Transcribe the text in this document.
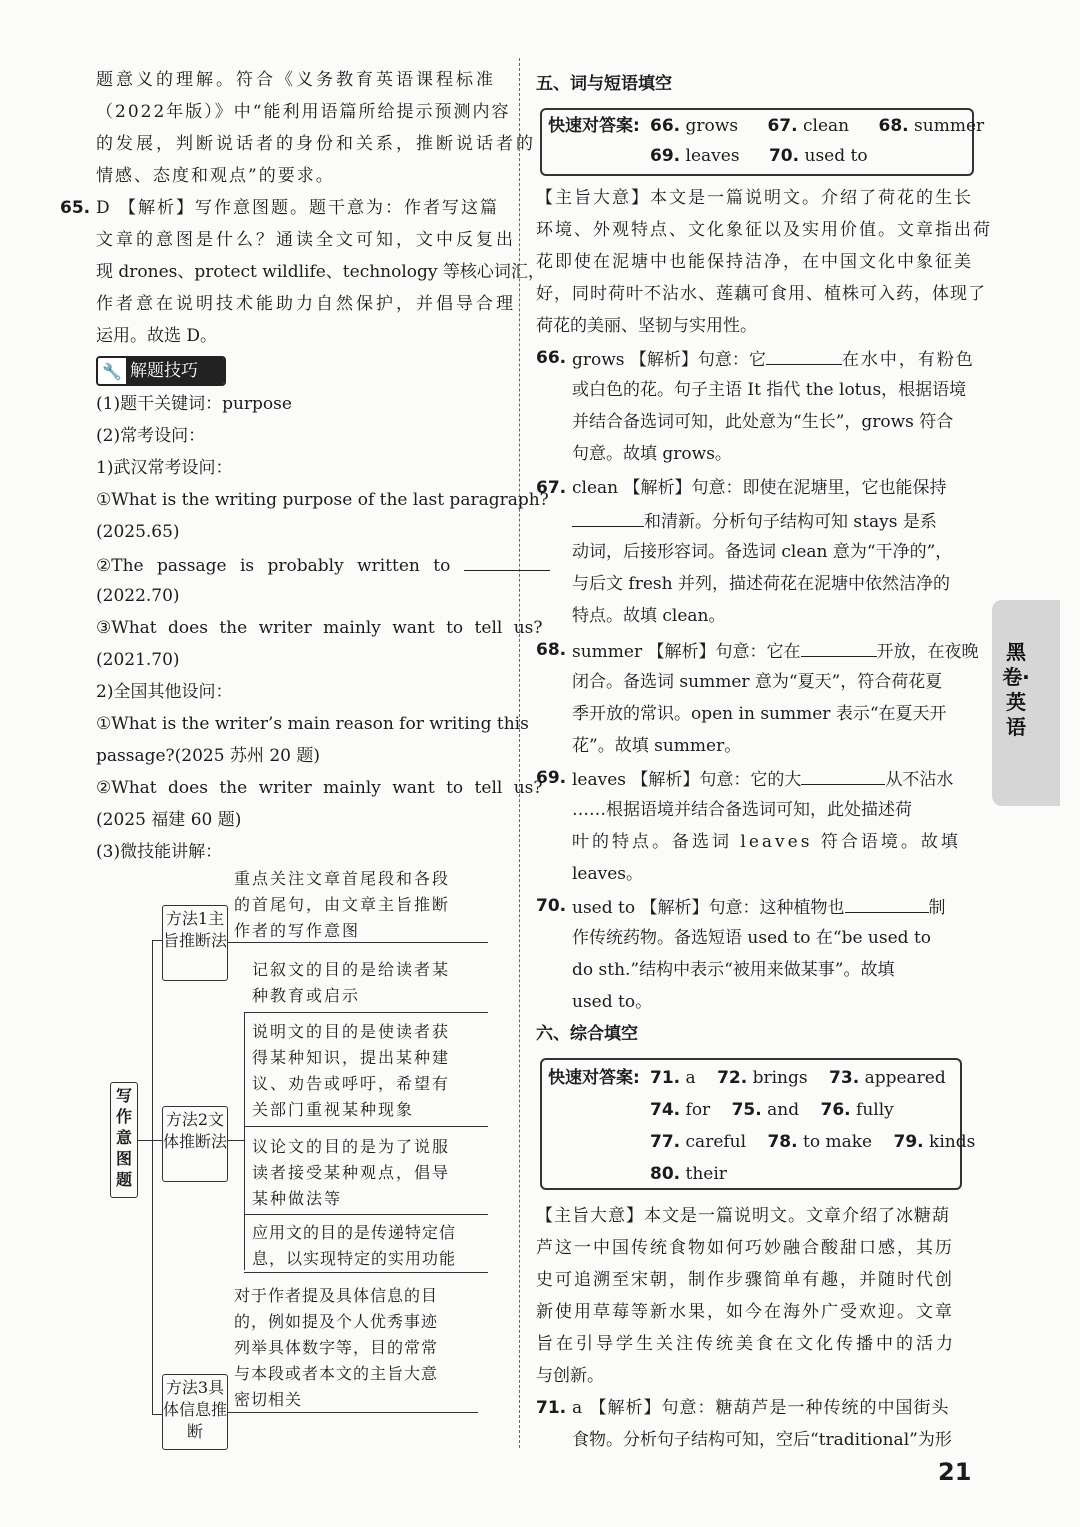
题意义的理解。符合《义务教育英语课程标准
（2022年版）》中“能利用语篇所给提示预测内容
的发展，判断说话者的身份和关系，推断说话者的
情感、态度和观点”的要求。
65. D 【解析】写作意图题。题干意为：作者写这篇
文章的意图是什么？通读全文可知，文中反复出
现 drones、protect wildlife、technology 等核心词汇，
作者意在说明技术能助力自然保护，并倡导合理
运用。故选 D。
🔧 解题技巧
(1)题干关键词：purpose
(2)常考设问：
1)武汉常考设问：
①What is the writing purpose of the last paragraph?
(2025.65)
②The passage is probably written to
(2022.70)
③What does the writer mainly want to tell us?
(2021.70)
2)全国其他设问：
①What is the writer’s main reason for writing this
passage?(2025 苏州 20 题)
②What does the writer mainly want to tell us?
(2025 福建 60 题)
(3)微技能讲解：
写作意图题
方法1主旨推断法
方法2文体推断法
方法3具体信息推断
重点关注文章首尾段和各段
的首尾句，由文章主旨推断
作者的写作意图
记叙文的目的是给读者某
种教育或启示
说明文的目的是使读者获
得某种知识，提出某种建
议、劝告或呼吁，希望有
关部门重视某种现象
议论文的目的是为了说服
读者接受某种观点，倡导
某种做法等
应用文的目的是传递特定信
息，以实现特定的实用功能
对于作者提及具体信息的目
的，例如提及个人优秀事迹
列举具体数字等，目的常常
与本段或者本文的主旨大意
密切相关
五、词与短语填空
快速对答案: 66. grows 67. clean 68. summer
69. leaves 70. used to
【主旨大意】本文是一篇说明文。介绍了荷花的生长
环境、外观特点、文化象征以及实用价值。文章指出荷
花即使在泥塘中也能保持洁净，在中国文化中象征美
好，同时荷叶不沾水、莲藕可食用、植株可入药，体现了
荷花的美丽、坚韧与实用性。
66. grows 【解析】句意：它	在水中，有粉色
或白色的花。句子主语 It 指代 the lotus，根据语境
并结合备选词可知，此处意为“生长”，grows 符合
句意。故填 grows。
67. clean 【解析】句意：即使在泥塘里，它也能保持
和清新。分析句子结构可知 stays 是系
动词，后接形容词。备选词 clean 意为“干净的”，
与后文 fresh 并列，描述荷花在泥塘中依然洁净的
特点。故填 clean。
68. summer 【解析】句意：它在	开放，在夜晚
闭合。备选词 summer 意为“夏天”，符合荷花夏
季开放的常识。open in summer 表示“在夏天开
花”。故填 summer。
69. leaves 【解析】句意：它的大	从不沾水
……根据语境并结合备选词可知，此处描述荷
叶的特点。备选词 leaves 符合语境。故填
leaves。
70. used to 【解析】句意：这种植物也	制
作传统药物。备选短语 used to 在“be used to
do sth.”结构中表示“被用来做某事”。故填
used to。
六、综合填空
快速对答案: 71. a 72. brings 73. appeared
74. for 75. and 76. fully
77. careful 78. to make 79. kinds
80. their
【主旨大意】本文是一篇说明文。文章介绍了冰糖葫
芦这一中国传统食物如何巧妙融合酸甜口感，其历
史可追溯至宋朝，制作步骤简单有趣，并随时代创
新使用草莓等新水果，如今在海外广受欢迎。文章
旨在引导学生关注传统美食在文化传播中的活力
与创新。
71. a 【解析】句意：糖葫芦是一种传统的中国街头
食物。分析句子结构可知，空后“traditional”为形
黑卷·英语
21
